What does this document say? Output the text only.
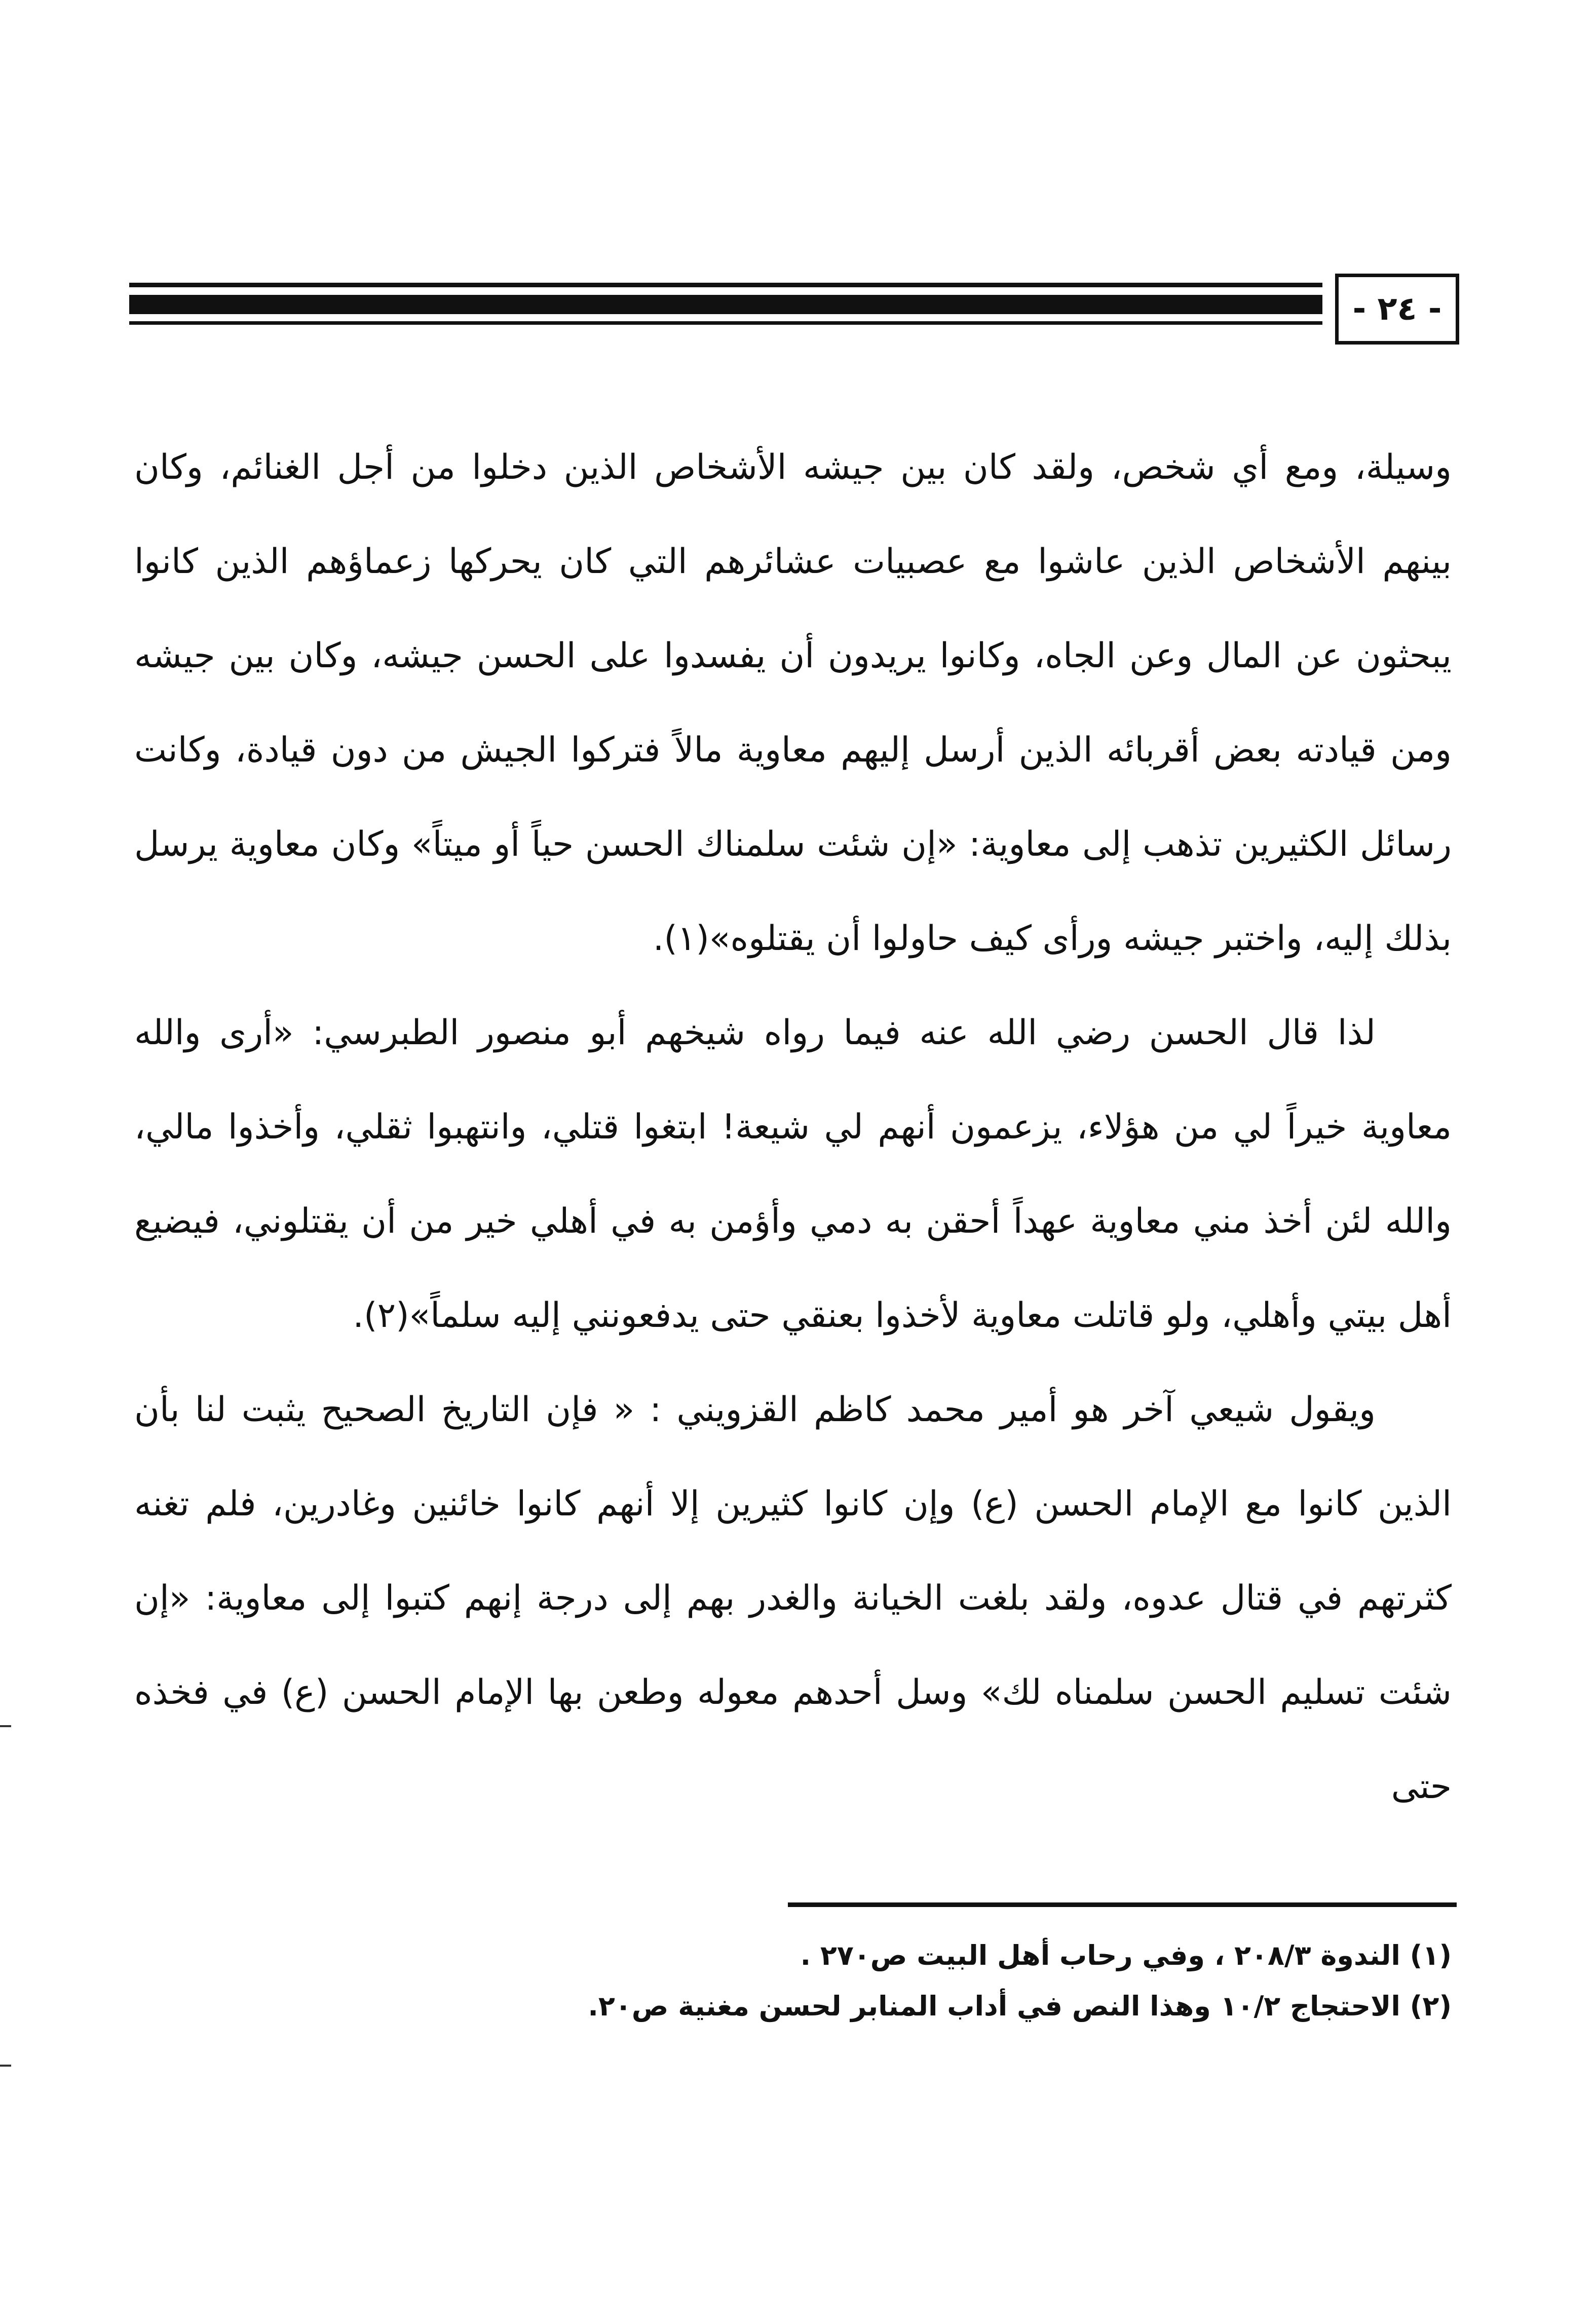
- ٢٤ -

وسيلة، ومع أي شخص، ولقد كان بين جيشه الأشخاص الذين دخلوا من أجل الغنائم، وكان بينهم الأشخاص الذين عاشوا مع عصبيات عشائرهم التي كان يحركها زعماؤهم الذين كانوا يبحثون عن المال وعن الجاه، وكانوا يريدون أن يفسدوا على الحسن جيشه، وكان بين جيشه ومن قيادته بعض أقربائه الذين أرسل إليهم معاوية مالاً فتركوا الجيش من دون قيادة، وكانت رسائل الكثيرين تذهب إلى معاوية: «إن شئت سلمناك الحسن حياً أو ميتاً» وكان معاوية يرسل بذلك إليه، واختبر جيشه ورأى كيف حاولوا أن يقتلوه»(١).

لذا قال الحسن رضي الله عنه فيما رواه شيخهم أبو منصور الطبرسي: «أرى والله معاوية خيراً لي من هؤلاء، يزعمون أنهم لي شيعة! ابتغوا قتلي، وانتهبوا ثقلي، وأخذوا مالي، والله لئن أخذ مني معاوية عهداً أحقن به دمي وأؤمن به في أهلي خير من أن يقتلوني، فيضيع أهل بيتي وأهلي، ولو قاتلت معاوية لأخذوا بعنقي حتى يدفعونني إليه سلماً»(٢).

ويقول شيعي آخر هو أمير محمد كاظم القزويني : « فإن التاريخ الصحيح يثبت لنا بأن الذين كانوا مع الإمام الحسن (ع) وإن كانوا كثيرين إلا أنهم كانوا خائنين وغادرين، فلم تغنه كثرتهم في قتال عدوه، ولقد بلغت الخيانة والغدر بهم إلى درجة إنهم كتبوا إلى معاوية: «إن شئت تسليم الحسن سلمناه لك» وسل أحدهم معوله وطعن بها الإمام الحسن (ع) في فخذه حتى

(١) الندوة ٢٠٨/٣ ، وفي رحاب أهل البيت ص٢٧٠ .

(٢) الاحتجاج ١٠/٢ وهذا النص في أداب المنابر لحسن مغنية ص٢٠.
